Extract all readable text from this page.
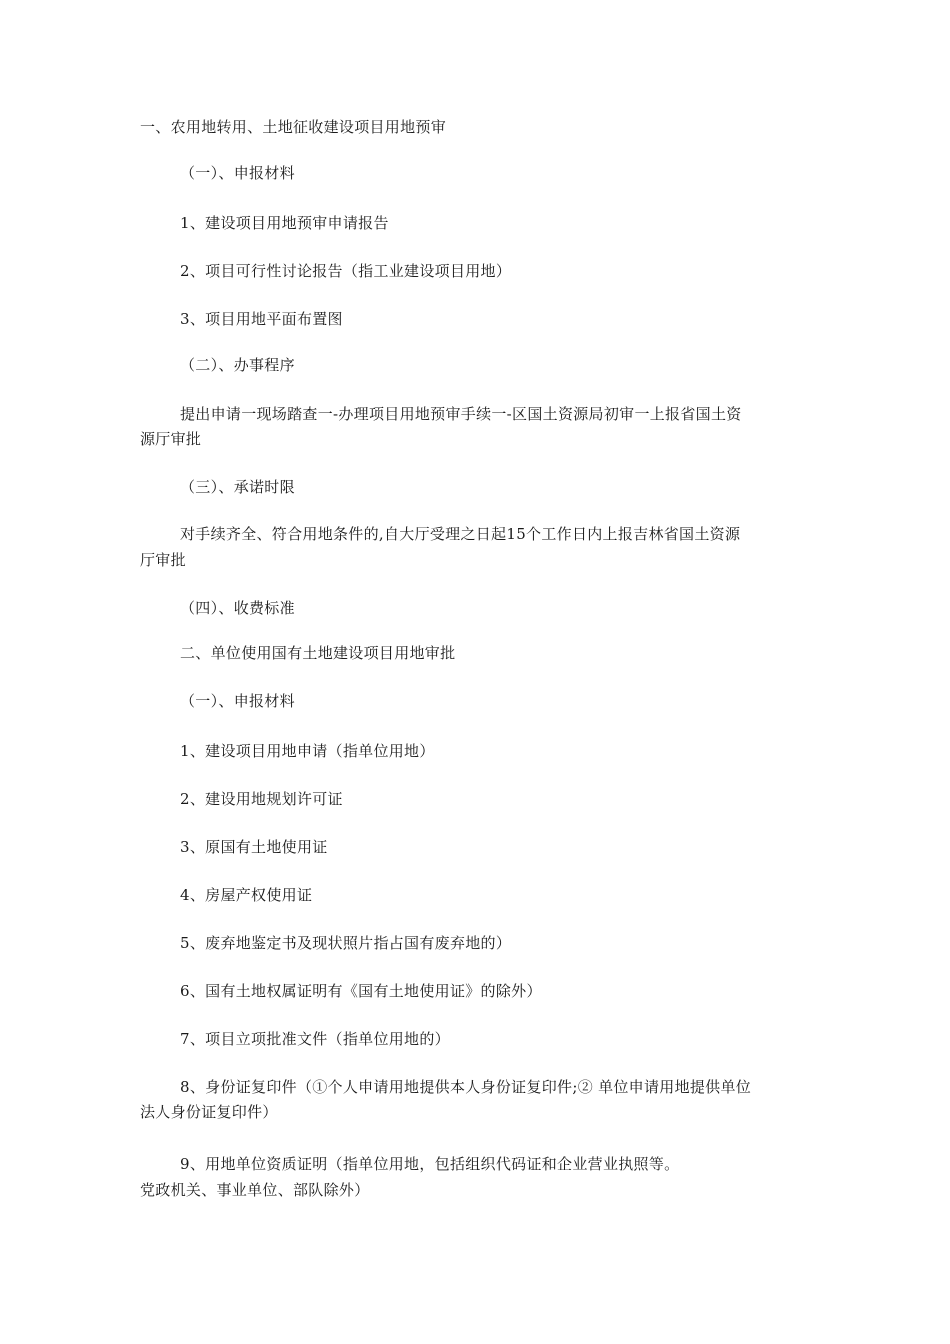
一、农用地转用、土地征收建设项目用地预审
（一）、申报材料
1、建设项目用地预审申请报告
2、项目可行性讨论报告（指工业建设项目用地）
3、项目用地平面布置图
（二）、办事程序
提出申请一现场踏查一-办理项目用地预审手续一-区国土资源局初审一上报省国土资
源厅审批
（三）、承诺时限
对手续齐全、符合用地条件的,自大厅受理之日起15个工作日内上报吉林省国土资源
厅审批
（四）、收费标准
二、单位使用国有土地建设项目用地审批
（一）、申报材料
1、建设项目用地申请（指单位用地）
2、建设用地规划许可证
3、原国有土地使用证
4、房屋产权使用证
5、废弃地鉴定书及现状照片指占国有废弃地的）
6、国有土地权属证明有《国有土地使用证》的除外）
7、项目立项批准文件（指单位用地的）
8、身份证复印件（①个人申请用地提供本人身份证复印件;② 单位申请用地提供单位
法人身份证复印件）
9、用地单位资质证明（指单位用地，包括组织代码证和企业营业执照等。
党政机关、事业单位、部队除外）
